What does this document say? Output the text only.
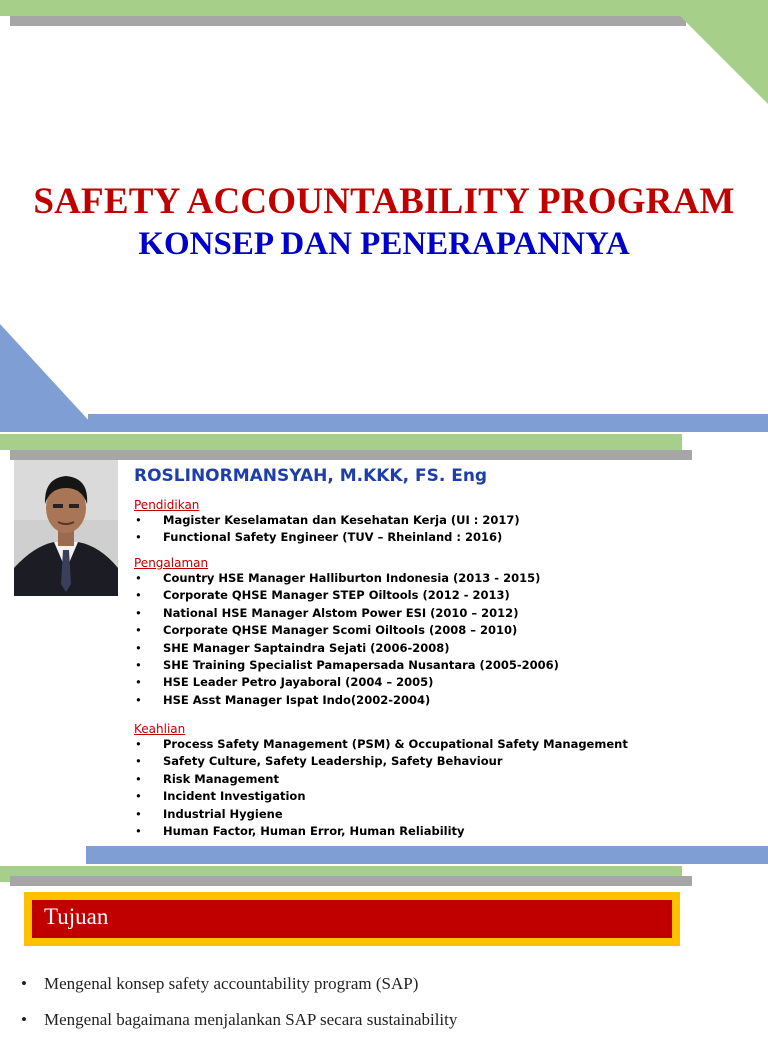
SAFETY ACCOUNTABILITY PROGRAM
KONSEP DAN PENERAPANNYA
ROSLINORMANSYAH, M.KKK, FS. Eng
Pendidikan
• Magister Keselamatan dan Kesehatan Kerja (UI : 2017)
• Functional Safety Engineer (TUV – Rheinland : 2016)
Pengalaman
• Country HSE Manager Halliburton Indonesia (2013 - 2015)
• Corporate QHSE Manager STEP Oiltools (2012 - 2013)
• National HSE Manager Alstom Power ESI (2010 – 2012)
• Corporate QHSE Manager Scomi Oiltools (2008 – 2010)
• SHE Manager Saptaindra Sejati (2006-2008)
• SHE Training Specialist Pamapersada Nusantara (2005-2006)
• HSE Leader Petro Jayaboral (2004 – 2005)
• HSE Asst Manager Ispat Indo(2002-2004)
Keahlian
• Process Safety Management (PSM) & Occupational Safety Management
• Safety Culture, Safety Leadership, Safety Behaviour
• Risk Management
• Incident Investigation
• Industrial Hygiene
• Human Factor, Human Error, Human Reliability
Tujuan
• Mengenal konsep safety accountability program (SAP)
• Mengenal bagaimana menjalankan SAP secara sustainability
